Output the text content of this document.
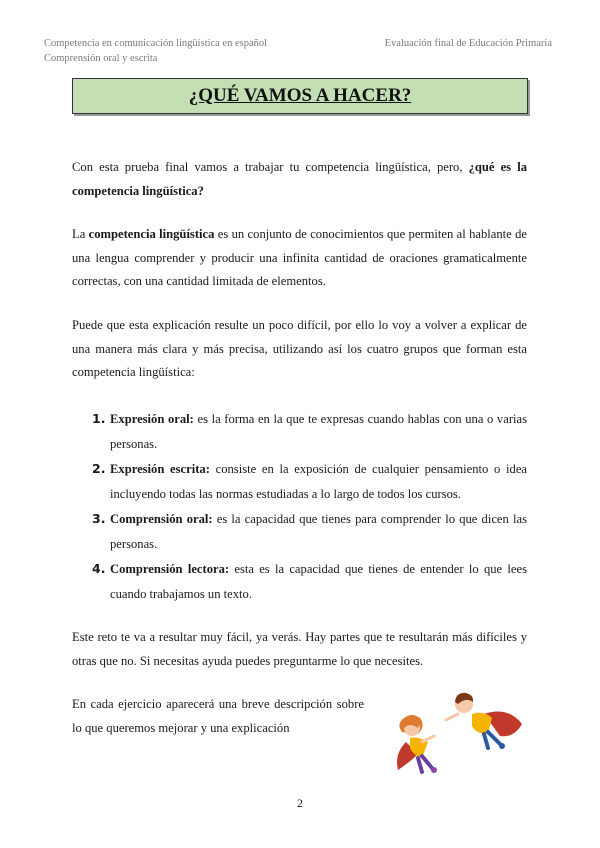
Competencia en comunicación lingüística en español
Comprensión oral y escrita
Evaluación final de Educación Primaria
¿QUÉ VAMOS A HACER?
Con esta prueba final vamos a trabajar tu competencia lingüística, pero, ¿qué es la competencia lingüística?
La competencia lingüística es un conjunto de conocimientos que permiten al hablante de una lengua comprender y producir una infinita cantidad de oraciones gramaticalmente correctas, con una cantidad limitada de elementos.
Puede que esta explicación resulte un poco difícil, por ello lo voy a volver a explicar de una manera más clara y más precisa, utilizando así los cuatro grupos que forman esta competencia lingüística:
1. Expresión oral: es la forma en la que te expresas cuando hablas con una o varias personas.
2. Expresión escrita: consiste en la exposición de cualquier pensamiento o idea incluyendo todas las normas estudiadas a lo largo de todos los cursos.
3. Comprensión oral: es la capacidad que tienes para comprender lo que dicen las personas.
4. Comprensión lectora: esta es la capacidad que tienes de entender lo que lees cuando trabajamos un texto.
Este reto te va a resultar muy fácil, ya verás. Hay partes que te resultarán más difíciles y otras que no. Si necesitas ayuda puedes preguntarme lo que necesites.
En cada ejercicio aparecerá una breve descripción sobre lo que queremos mejorar y una explicación
2
